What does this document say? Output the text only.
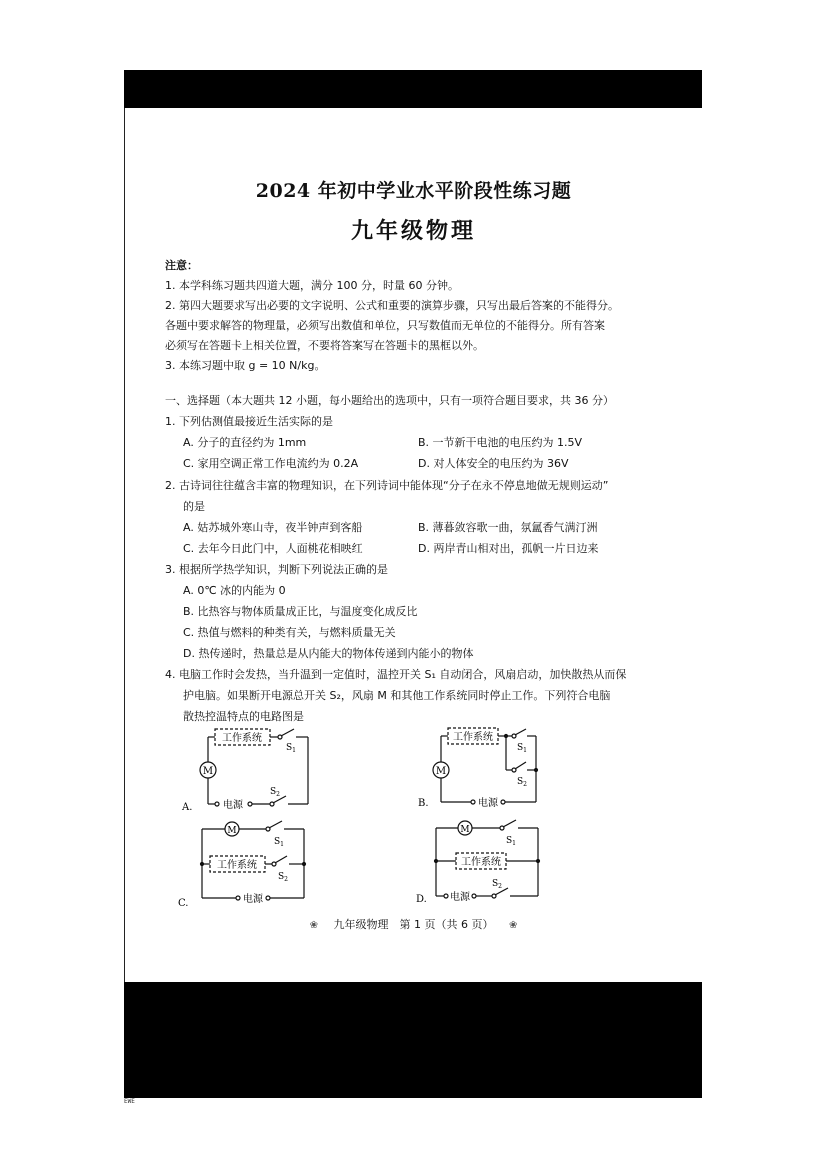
EWE
2024 年初中学业水平阶段性练习题
九年级物理
注意：
1. 本学科练习题共四道大题，满分 100 分，时量 60 分钟。
2. 第四大题要求写出必要的文字说明、公式和重要的演算步骤，只写出最后答案的不能得分。
各题中要求解答的物理量，必须写出数值和单位，只写数值而无单位的不能得分。所有答案
必须写在答题卡上相关位置，不要将答案写在答题卡的黑框以外。
3. 本练习题中取 g = 10 N/kg。
一、选择题（本大题共 12 小题，每小题给出的选项中，只有一项符合题目要求，共 36 分）
1. 下列估测值最接近生活实际的是
A. 分子的直径约为 1mm	B. 一节新干电池的电压约为 1.5V
C. 家用空调正常工作电流约为 0.2A	D. 对人体安全的电压约为 36V
2. 古诗词往往蕴含丰富的物理知识，在下列诗词中能体现“分子在永不停息地做无规则运动”
的是
A. 姑苏城外寒山寺，夜半钟声到客船	B. 薄暮敛容歌一曲，氛氲香气满汀洲
C. 去年今日此门中，人面桃花相映红	D. 两岸青山相对出，孤帆一片日边来
3. 根据所学热学知识，判断下列说法正确的是
A. 0℃ 冰的内能为 0
B. 比热容与物体质量成正比，与温度变化成反比
C. 热值与燃料的种类有关，与燃料质量无关
D. 热传递时，热量总是从内能大的物体传递到内能小的物体
4. 电脑工作时会发热，当升温到一定值时，温控开关 S₁ 自动闭合，风扇启动，加快散热从而保
护电脑。如果断开电源总开关 S₂，风扇 M 和其他工作系统同时停止工作。下列符合电脑
散热控温特点的电路图是
工作系统
M
电源
$S_1$
$S_2$
A.
工作系统
M
电源
$S_1$
$S_2$
B.
M
工作系统
电源
$S_1$
$S_2$
C.
M
工作系统
电源
$S_1$
$S_2$
D.
❀ 九年级物理　第 1 页（共 6 页） ❀
